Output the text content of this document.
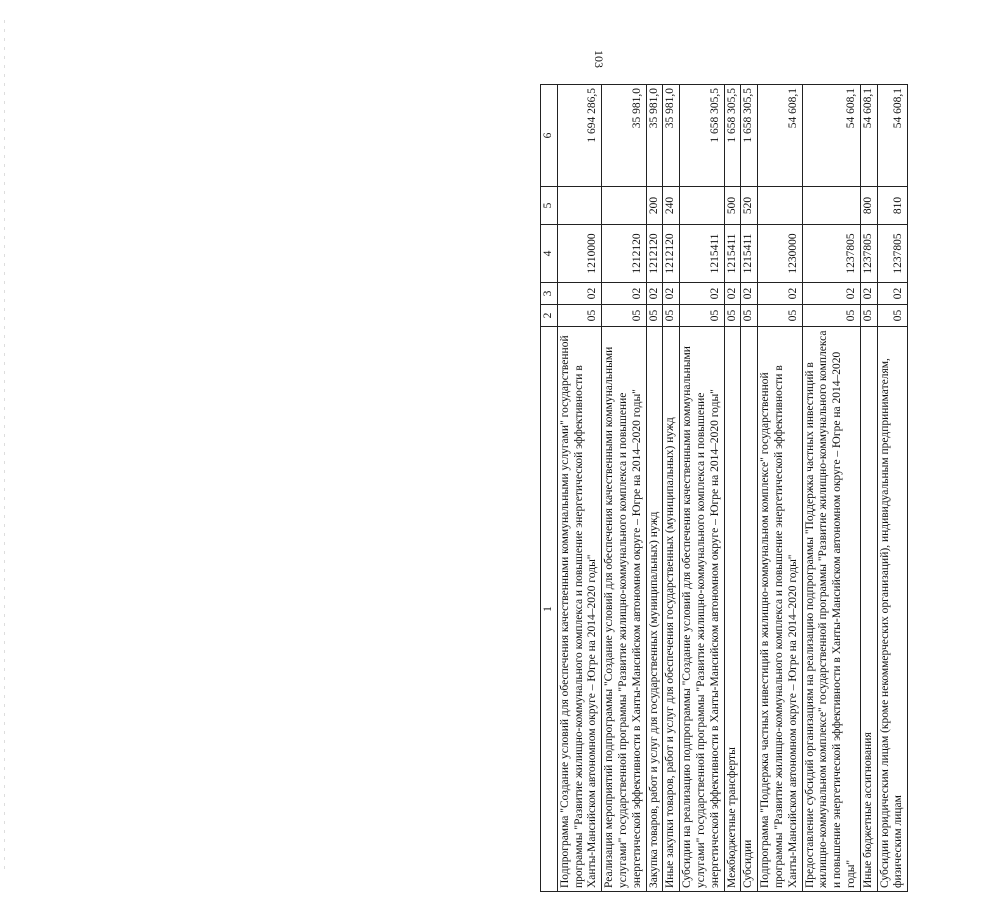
103
1	2	3	4	5	6
Подпрограмма "Создание условий для обеспечения качественными коммунальными услугами" государственной программы "Развитие жилищно-коммунального комплекса и повышение энергетической эффективности в Ханты-Мансийском автономном округе – Югре на 2014–2020 годы"	05	02	1210000		1 694 286,5
Реализация мероприятий подпрограммы "Создание условий для обеспечения качественными коммунальными услугами" государственной программы "Развитие жилищно-коммунального комплекса и повышение энергетической эффективности в Ханты-Мансийском автономном округе – Югре на 2014–2020 годы"	05	02	1212120		35 981,0
Закупка товаров, работ и услуг для государственных (муниципальных) нужд	05	02	1212120	200	35 981,0
Иные закупки товаров, работ и услуг для обеспечения государственных (муниципальных) нужд	05	02	1212120	240	35 981,0
Субсидии на реализацию подпрограммы "Создание условий для обеспечения качественными коммунальными услугами" государственной программы "Развитие жилищно-коммунального комплекса и повышение энергетической эффективности в Ханты-Мансийском автономном округе – Югре на 2014–2020 годы"	05	02	1215411		1 658 305,5
Межбюджетные трансферты	05	02	1215411	500	1 658 305,5
Субсидии	05	02	1215411	520	1 658 305,5
Подпрограмма "Поддержка частных инвестиций в жилищно-коммунальном комплексе" государственной программы "Развитие жилищно-коммунального комплекса и повышение энергетической эффективности в Ханты-Мансийском автономном округе – Югре на 2014–2020 годы"	05	02	1230000		54 608,1
Предоставление субсидий организациям на реализацию подпрограммы "Поддержка частных инвестиций в жилищно-коммунальном комплексе" государственной программы "Развитие жилищно-коммунального комплекса и повышение энергетической эффективности в Ханты-Мансийском автономном округе – Югре на 2014–2020 годы"	05	02	1237805		54 608,1
Иные бюджетные ассигнования	05	02	1237805	800	54 608,1
Субсидии юридическим лицам (кроме некоммерческих организаций), индивидуальным предпринимателям, физическим лицам	05	02	1237805	810	54 608,1
